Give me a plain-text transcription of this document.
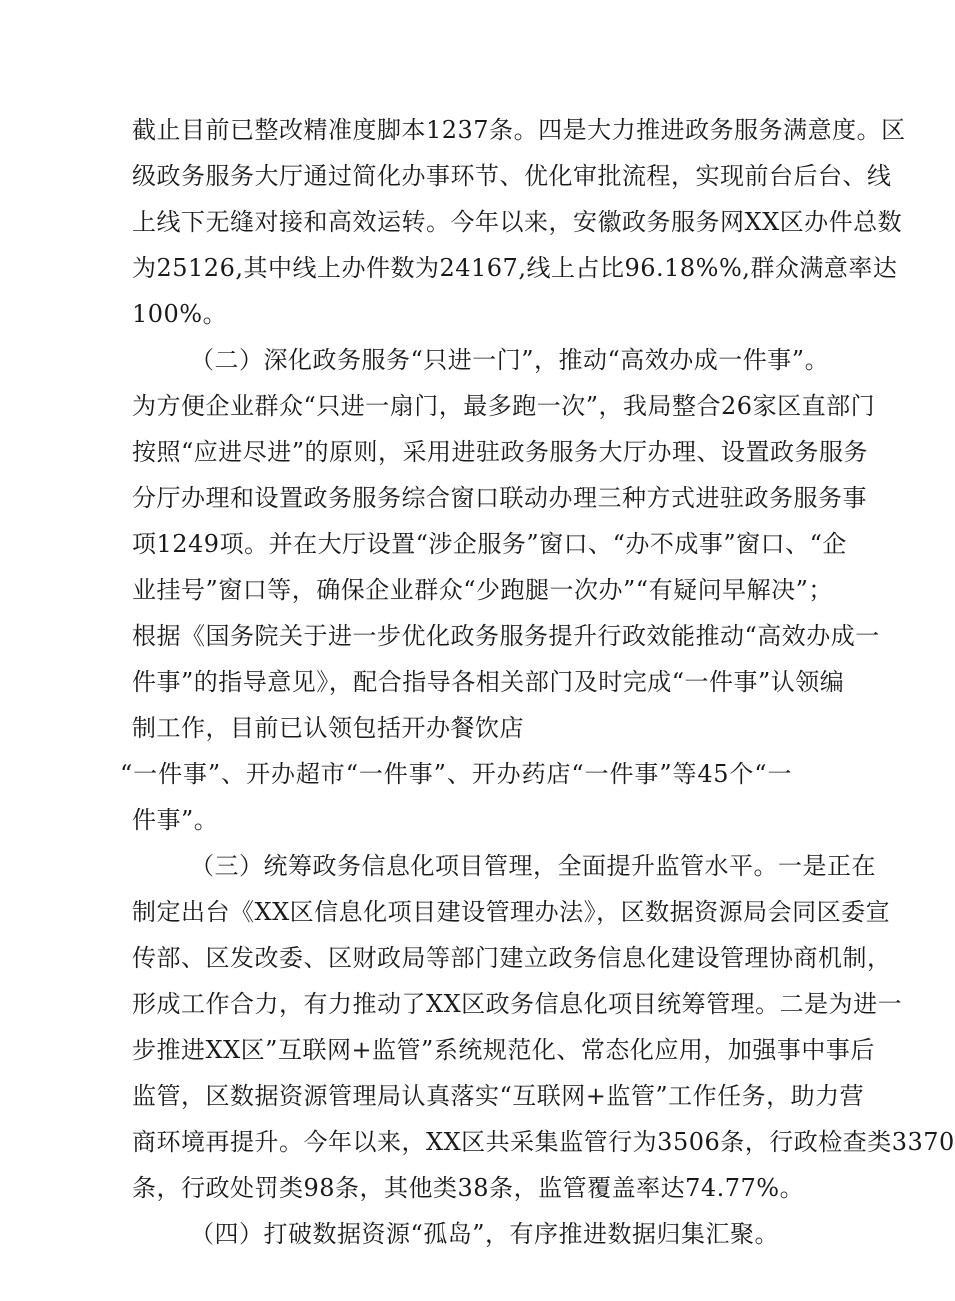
截止目前已整改精准度脚本1237条。四是大力推进政务服务满意度。区
级政务服务大厅通过简化办事环节、优化审批流程，实现前台后台、线
上线下无缝对接和高效运转。今年以来，安徽政务服务网XX区办件总数
为25126,其中线上办件数为24167,线上占比96.18%%,群众满意率达
100%。
（二）深化政务服务“只进一门”，推动“高效办成一件事”。
为方便企业群众“只进一扇门，最多跑一次”，我局整合26家区直部门
按照“应进尽进”的原则，采用进驻政务服务大厅办理、设置政务服务
分厅办理和设置政务服务综合窗口联动办理三种方式进驻政务服务事
项1249项。并在大厅设置“涉企服务”窗口、“办不成事”窗口、“企
业挂号”窗口等，确保企业群众“少跑腿一次办”“有疑问早解决”；
根据《国务院关于进一步优化政务服务提升行政效能推动“高效办成一
件事”的指导意见》，配合指导各相关部门及时完成“一件事”认领编
制工作，目前已认领包括开办餐饮店
“一件事”、开办超市“一件事”、开办药店“一件事”等45个“一
件事”。
（三）统筹政务信息化项目管理，全面提升监管水平。一是正在
制定出台《XX区信息化项目建设管理办法》，区数据资源局会同区委宣
传部、区发改委、区财政局等部门建立政务信息化建设管理协商机制，
形成工作合力，有力推动了XX区政务信息化项目统筹管理。二是为进一
步推进XX区”互联网+监管”系统规范化、常态化应用，加强事中事后
监管，区数据资源管理局认真落实“互联网+监管”工作任务，助力营
商环境再提升。今年以来，XX区共采集监管行为3506条，行政检查类3370
条，行政处罚类98条，其他类38条，监管覆盖率达74.77%。
（四）打破数据资源“孤岛”，有序推进数据归集汇聚。
